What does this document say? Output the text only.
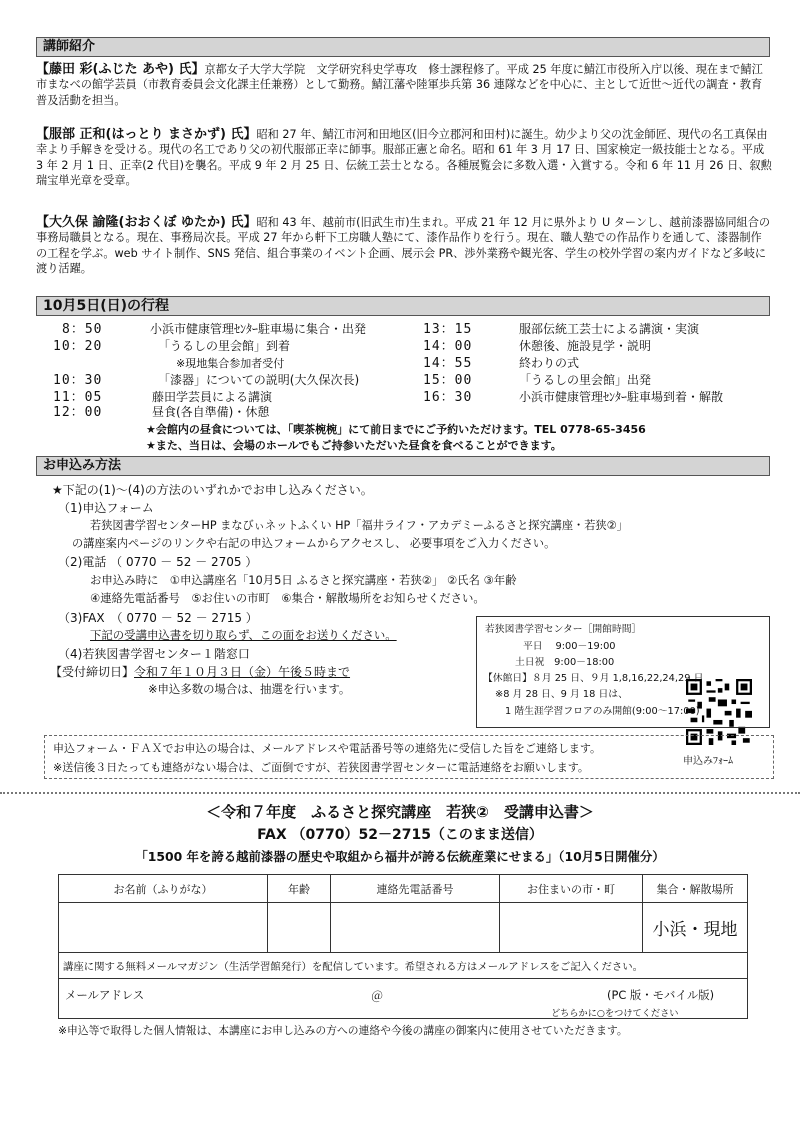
講師紹介
【藤田 彩(ふじた あや) 氏】京都女子大学大学院　文学研究科史学専攻　修士課程修了。平成 25 年度に鯖江市役所入庁以後、現在まで鯖江市まなべの館学芸員（市教育委員会文化課主任兼務）として勤務。鯖江藩や陸軍歩兵第 36 連隊などを中心に、主として近世～近代の調査・教育普及活動を担当。
【服部 正和(はっとり まさかず) 氏】昭和 27 年、鯖江市河和田地区(旧今立郡河和田村)に誕生。幼少より父の沈金師匠、現代の名工真保由幸より手解きを受ける。現代の名工であり父の初代服部正幸に師事。服部正憲と命名。昭和 61 年 3 月 17 日、国家検定一級技能士となる。平成 3 年 2 月 1 日、正幸(2 代目)を襲名。平成 9 年 2 月 25 日、伝統工芸士となる。各種展覧会に多数入選・入賞する。令和 6 年 11 月 26 日、叙勲　瑞宝単光章を受章。
【大久保 諭隆(おおくぼ ゆたか) 氏】昭和 43 年、越前市(旧武生市)生まれ。平成 21 年 12 月に県外より U ターンし、越前漆器協同組合の事務局職員となる。現在、事務局次長。平成 27 年から軒下工房職人塾にて、漆作品作りを行う。現在、職人塾での作品作りを通して、漆器制作の工程を学ぶ。web サイト制作、SNS 発信、組合事業のイベント企画、展示会 PR、渉外業務や観光客、学生の校外学習の案内ガイドなど多岐に渡り活躍。
10月5日(日)の行程
8：50	小浜市健康管理ｾﾝﾀｰ駐車場に集合・出発
10：20	「うるしの里会館」到着
※現地集合参加者受付
10：30	「漆器」についての説明(大久保次長)
11：05	藤田学芸員による講演
12：00	昼食(各自準備)・休憩
13：15	服部伝統工芸士による講演・実演
14：00	休憩後、施設見学・説明
14：55	終わりの式
15：00	「うるしの里会館」出発
16：30	小浜市健康管理ｾﾝﾀｰ駐車場到着・解散
★会館内の昼食については、「喫茶椀椀」にて前日までにご予約いただけます。TEL 0778-65-3456
★また、当日は、会場のホールでもご持参いただいた昼食を食べることができます。
お申込み方法
★下記の(1)～(4)の方法のいずれかでお申し込みください。
（1)申込フォーム
若狭図書学習センターHP まなびぃネットふくい HP「福井ライフ・アカデミーふるさと探究講座・若狭②」
の講座案内ページのリンクや右記の申込フォームからアクセスし、 必要事項をご入力ください。
申込みﾌｫｰﾑ
（2)電話 （ 0770 － 52 － 2705 ）
お申込み時に　①申込講座名「10月5日 ふるさと探究講座・若狭②」 ②氏名 ③年齢
④連絡先電話番号　⑤お住いの市町　⑥集合・解散場所をお知らせください。
（3)FAX　（ 0770 － 52 － 2715 ）
下記の受講申込書を切り取らず、この面をお送りください。
（4)若狭図書学習センター１階窓口
【受付締切日】令和７年１０月３日（金）午後５時まで
※申込多数の場合は、抽選を行います。
若狭図書学習センター［開館時間］
平日　 9:00－19:00
土日祝　9:00－18:00
【休館日】８月 25 日、９月 1,8,16,22,24,29 日
※8 月 28 日、9 月 18 日は、
1 階生涯学習フロアのみ開館(9:00～17:00)
申込フォーム・ＦＡＸでお申込の場合は、メールアドレスや電話番号等の連絡先に受信した旨をご連絡します。
※送信後３日たっても連絡がない場合は、ご面倒ですが、若狭図書学習センターに電話連絡をお願いします。
＜令和７年度　ふるさと探究講座　若狭②　受講申込書＞
FAX （0770）52－2715（このまま送信）
「1500 年を誇る越前漆器の歴史や取組から福井が誇る伝統産業にせまる」（10月5日開催分）
お名前（ふりがな）	年齢	連絡先電話番号	お住まいの市・町	集合・解散場所
				小浜・現地
講座に関する無料メールマガジン（生活学習館発行）を配信しています。希望される方はメールアドレスをご記入ください。				

メールアドレス ＠ (PC 版・モバイル版)
どちらかに○をつけてください				
※申込等で取得した個人情報は、本講座にお申し込みの方への連絡や今後の講座の御案内に使用させていただきます。
